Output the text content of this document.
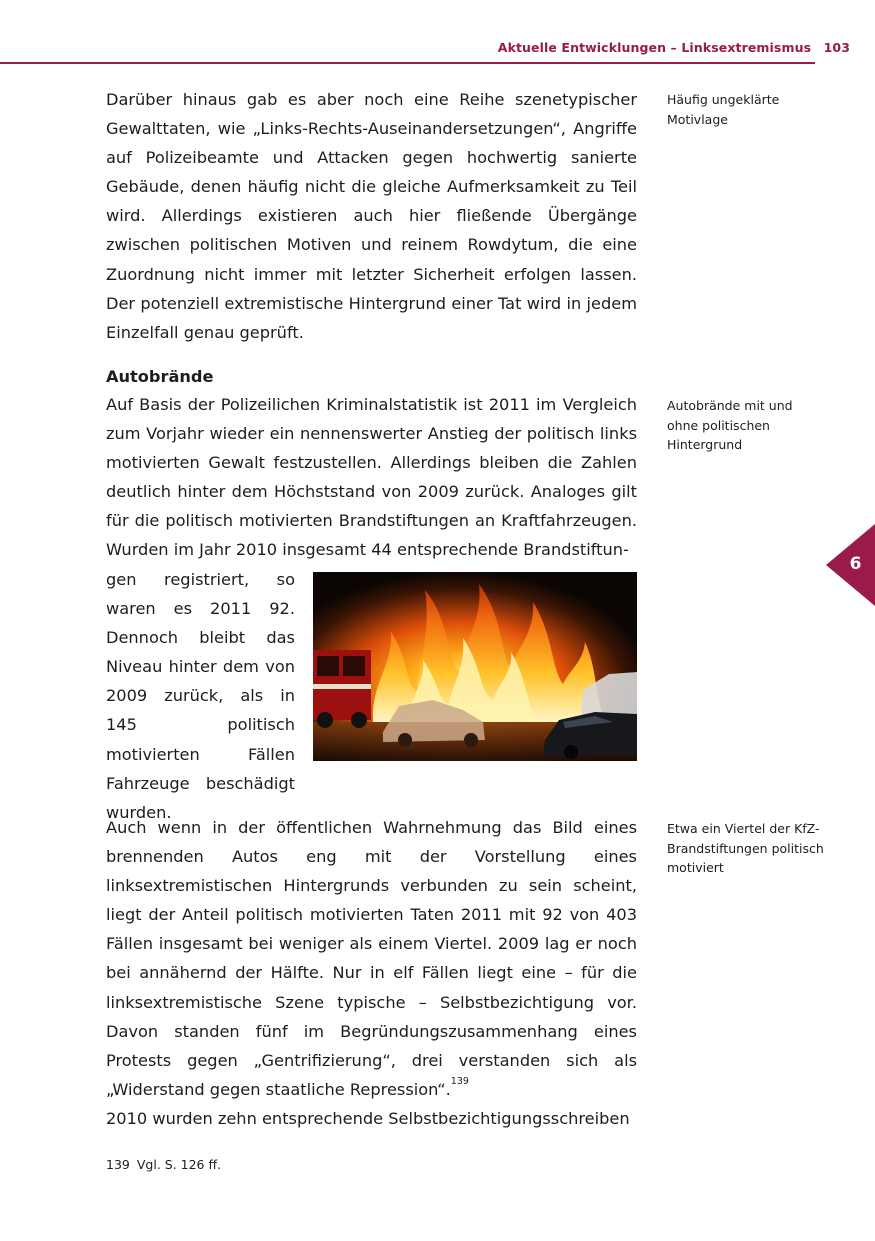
Aktuelle Entwicklungen – Linksextremismus 103

Darüber hinaus gab es aber noch eine Reihe szenetypischer Gewalttaten, wie „Links-Rechts-Auseinandersetzungen“, Angriffe auf Polizeibeamte und Attacken gegen hochwertig sanierte Gebäude, denen häufig nicht die gleiche Aufmerksamkeit zu Teil wird. Allerdings existieren auch hier fließende Übergänge zwischen politischen Motiven und reinem Rowdytum, die eine Zuordnung nicht immer mit letzter Sicherheit erfolgen lassen. Der potenziell extremistische Hintergrund einer Tat wird in jedem Einzelfall genau geprüft.

Autobrände

Auf Basis der Polizeilichen Kriminalstatistik ist 2011 im Vergleich zum Vorjahr wieder ein nennenswerter Anstieg der politisch links motivierten Gewalt festzustellen. Allerdings bleiben die Zahlen deutlich hinter dem Höchststand von 2009 zurück. Analoges gilt für die politisch motivierten Brandstiftungen an Kraftfahrzeugen. Wurden im Jahr 2010 insgesamt 44 entsprechende Brandstiftun-

gen registriert, so waren es 2011 92. Dennoch bleibt das Niveau hinter dem von 2009 zurück, als in 145 politisch motivierten Fällen Fahrzeuge beschädigt wurden.

Auch wenn in der öffentlichen Wahrnehmung das Bild eines brennenden Autos eng mit der Vorstellung eines linksextremistischen Hintergrunds verbunden zu sein scheint, liegt der Anteil politisch motivierten Taten 2011 mit 92 von 403 Fällen insgesamt bei weniger als einem Viertel. 2009 lag er noch bei annähernd der Hälfte. Nur in elf Fällen liegt eine – für die linksextremistische Szene typische – Selbstbezichtigung vor. Davon standen fünf im Begründungszusammenhang eines Protests gegen „Gentrifizierung“, drei verstanden sich als „Widerstand gegen staatliche Repression“.$^{139}$
2010 wurden zehn entsprechende Selbstbezichtigungsschreiben

Häufig ungeklärte Motivlage
Autobrände mit und ohne politischen Hintergrund
Etwa ein Viertel der KfZ-Brandstiftungen politisch motiviert
6
139 Vgl. S. 126 ff.
